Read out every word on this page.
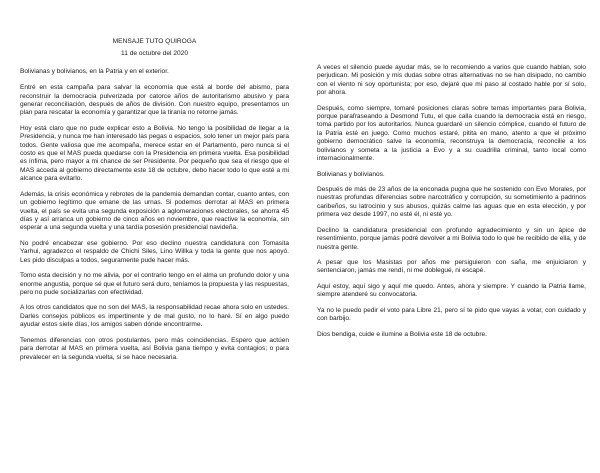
MENSAJE TUTO QUIROGA

11 de octubre del 2020

Bolivianas y bolivianos, en la Patria y en el exterior.

Entré en esta campaña para salvar la economía que está al borde del abismo, para reconstruir la democracia pulverizada por catorce años de autoritarismo abusivo y para generar reconciliación, después de años de división. Con nuestro equipo, presentamos un plan para rescatar la economía y garantizar que la tiranía no retorne jamás.

Hoy está claro que no pude explicar esto a Bolivia. No tengo la posibilidad de llegar a la Presidencia, y nunca me han interesado las pegas o espacios, solo tener un mejor país para todos. Gente valiosa que me acompaña, merece estar en el Parlamento, pero nunca si el costo es que el MAS pueda quedarse con la Presidencia en primera vuelta. Esa posibilidad es ínfima, pero mayor a mi chance de ser Presidente. Por pequeño que sea el riesgo que el MAS acceda al gobierno directamente este 18 de octubre, debo hacer todo lo que esté a mi alcance para evitarlo.

Además, la crisis económica y rebrotes de la pandemia demandan contar, cuanto antes, con un gobierno legítimo que emane de las urnas. Si podemos derrotar al MAS en primera vuelta, el país se evita una segunda exposición a aglomeraciones electorales, se ahorra 45 días y así arranca un gobierno de cinco años en noviembre, que reactive la economía, sin esperar a una segunda vuelta y una tardía posesión presidencial navideña.

No podré encabezar ese gobierno. Por eso declino nuestra candidatura con Tomasita Yarhui, agradezco el respaldo de Chichi Siles, Lino Willka y toda la gente que nos apoyó. Les pido disculpas a todos, seguramente pude hacer más.

Tomo esta decisión y no me alivia, por el contrario tengo en el alma un profundo dolor y una enorme angustia, porque sé que el futuro será duro, teníamos la propuesta y las respuestas, pero no pude socializarlas con efectividad.

A los otros candidatos que no son del MAS, la responsabilidad recae ahora solo en ustedes. Darles consejos públicos es impertinente y de mal gusto, no lo haré. Sí en algo puedo ayudar estos siete días, los amigos saben dónde encontrarme.

Tenemos diferencias con otros postulantes, pero más coincidencias. Espero que actúen para derrotar al MAS en primera vuelta, así Bolivia gana tiempo y evita contagios; o para prevalecer en la segunda vuelta, si se hace necesaria.

A veces el silencio puede ayudar más, se lo recomiendo a varios que cuando hablan, solo perjudican. Mi posición y mis dudas sobre otras alternativas no se han disipado, no cambio con el viento ni soy oportunista; por eso, dejaré que mi paso al costado hable por sí solo, por ahora.

Después, como siempre, tomaré posiciones claras sobre temas importantes para Bolivia, porque parafraseando a Desmond Tutu, el que calla cuando la democracia está en riesgo, toma partido por los autoritarios. Nunca guardaré un silencio cómplice, cuando el futuro de la Patria esté en juego. Como muchos estaré, pitita en mano, atento a que el próximo gobierno democrático salve la economía, reconstruya la democracia, reconcilie a los bolivianos y someta a la justicia a Evo y a su cuadrilla criminal, tanto local como internacionalmente.

Bolivianas y bolivianos.

Después de más de 23 años de la enconada pugna que he sostenido con Evo Morales, por nuestras profundas diferencias sobre narcotráfico y corrupción, su sometimiento a padrinos caribeños, su latrocinio y sus abusos, quizás calme las aguas que en esta elección, y por primera vez desde 1997, no esté él, ni esté yo.

Declino la candidatura presidencial con profundo agradecimiento y sin un ápice de resentimiento, porque jamás podré devolver a mi Bolivia todo lo que he recibido de ella, y de nuestra gente.

A pesar que los Masistas por años me persiguieron con saña, me enjuiciaron y sentenciaron, jamás me rendí, ni me doblegué, ni escapé.

Aquí estoy, aquí sigo y aquí me quedo. Antes, ahora y siempre. Y cuando la Patria llame, siempre atenderé su convocatoria.

Ya no le puedo pedir el voto para Libre 21, pero sí te pido que vayas a votar, con cuidado y con barbijo.

Dios bendiga, cuide e ilumine a Bolivia este 18 de octubre.
